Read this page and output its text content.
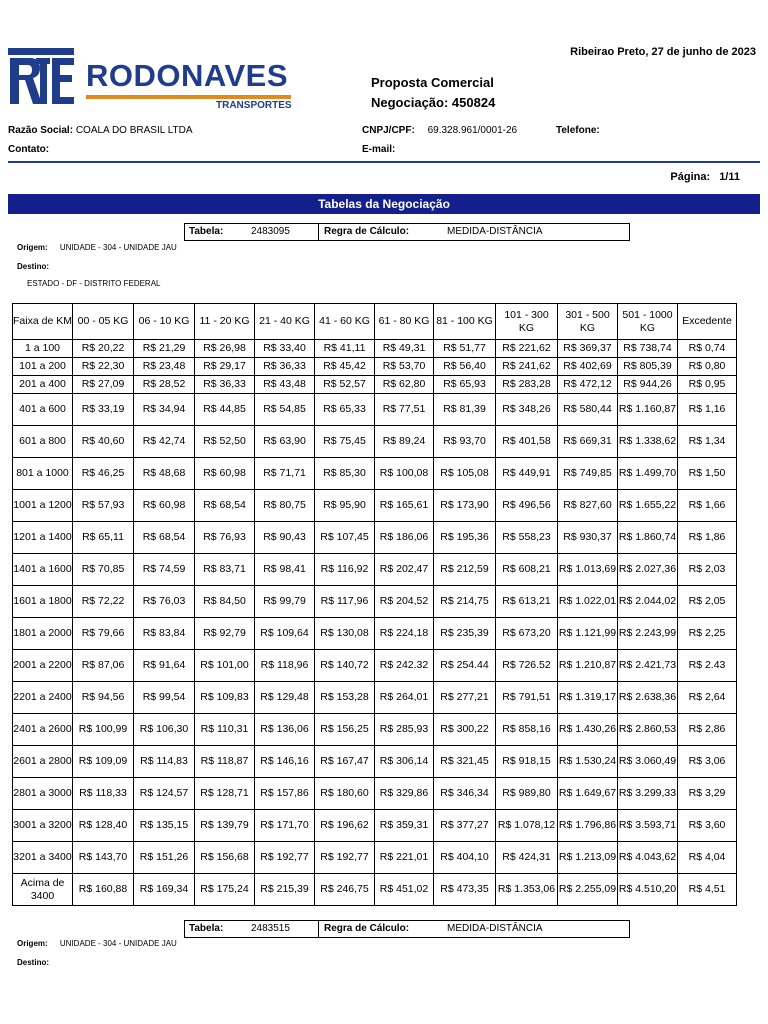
RODONAVES
TRANSPORTES
Ribeirao Preto, 27 de junho de 2023
Proposta Comercial
Negociação: 450824
Razão Social: COALA DO BRASIL LTDA	CNPJ/CPF: 69.328.961/0001-26	Telefone:
Contato:	E-mail:
Página: 1/11
Tabelas da Negociação
Tabela:	2483095	Regra de Cálculo:	MEDIDA-DISTÂNCIA
Origem: UNIDADE - 304 - UNIDADE JAU
Destino:
ESTADO - DF - DISTRITO FEDERAL
Faixa de KM	00 - 05 KG	06 - 10 KG	11 - 20 KG	21 - 40 KG	41 - 60 KG	61 - 80 KG	81 - 100 KG	101 - 300 KG	301 - 500 KG	501 - 1000 KG	Excedente
1 a 100	R$ 20,22	R$ 21,29	R$ 26,98	R$ 33,40	R$ 41,11	R$ 49,31	R$ 51,77	R$ 221,62	R$ 369,37	R$ 738,74	R$ 0,74
101 a 200	R$ 22,30	R$ 23,48	R$ 29,17	R$ 36,33	R$ 45,42	R$ 53,70	R$ 56,40	R$ 241,62	R$ 402,69	R$ 805,39	R$ 0,80
201 a 400	R$ 27,09	R$ 28,52	R$ 36,33	R$ 43,48	R$ 52,57	R$ 62,80	R$ 65,93	R$ 283,28	R$ 472,12	R$ 944,26	R$ 0,95
401 a 600	R$ 33,19	R$ 34,94	R$ 44,85	R$ 54,85	R$ 65,33	R$ 77,51	R$ 81,39	R$ 348,26	R$ 580,44	R$ 1.160,87	R$ 1,16
601 a 800	R$ 40,60	R$ 42,74	R$ 52,50	R$ 63,90	R$ 75,45	R$ 89,24	R$ 93,70	R$ 401,58	R$ 669,31	R$ 1.338,62	R$ 1,34
801 a 1000	R$ 46,25	R$ 48,68	R$ 60,98	R$ 71,71	R$ 85,30	R$ 100,08	R$ 105,08	R$ 449,91	R$ 749,85	R$ 1.499,70	R$ 1,50
1001 a 1200	R$ 57,93	R$ 60,98	R$ 68,54	R$ 80,75	R$ 95,90	R$ 165,61	R$ 173,90	R$ 496,56	R$ 827,60	R$ 1.655,22	R$ 1,66
1201 a 1400	R$ 65,11	R$ 68,54	R$ 76,93	R$ 90,43	R$ 107,45	R$ 186,06	R$ 195,36	R$ 558,23	R$ 930,37	R$ 1.860,74	R$ 1,86
1401 a 1600	R$ 70,85	R$ 74,59	R$ 83,71	R$ 98,41	R$ 116,92	R$ 202,47	R$ 212,59	R$ 608,21	R$ 1.013,69	R$ 2.027,36	R$ 2,03
1601 a 1800	R$ 72,22	R$ 76,03	R$ 84,50	R$ 99,79	R$ 117,96	R$ 204,52	R$ 214,75	R$ 613,21	R$ 1.022,01	R$ 2.044,02	R$ 2,05
1801 a 2000	R$ 79,66	R$ 83,84	R$ 92,79	R$ 109,64	R$ 130,08	R$ 224,18	R$ 235,39	R$ 673,20	R$ 1.121,99	R$ 2.243,99	R$ 2,25
2001 a 2200	R$ 87,06	R$ 91,64	R$ 101,00	R$ 118,96	R$ 140,72	R$ 242.32	R$ 254.44	R$ 726.52	R$ 1.210,87	R$ 2.421,73	R$ 2.43
2201 a 2400	R$ 94,56	R$ 99,54	R$ 109,83	R$ 129,48	R$ 153,28	R$ 264,01	R$ 277,21	R$ 791,51	R$ 1.319,17	R$ 2.638,36	R$ 2,64
2401 a 2600	R$ 100,99	R$ 106,30	R$ 110,31	R$ 136,06	R$ 156,25	R$ 285,93	R$ 300,22	R$ 858,16	R$ 1.430,26	R$ 2.860,53	R$ 2,86
2601 a 2800	R$ 109,09	R$ 114,83	R$ 118,87	R$ 146,16	R$ 167,47	R$ 306,14	R$ 321,45	R$ 918,15	R$ 1.530,24	R$ 3.060,49	R$ 3,06
2801 a 3000	R$ 118,33	R$ 124,57	R$ 128,71	R$ 157,86	R$ 180,60	R$ 329,86	R$ 346,34	R$ 989,80	R$ 1.649,67	R$ 3.299,33	R$ 3,29
3001 a 3200	R$ 128,40	R$ 135,15	R$ 139,79	R$ 171,70	R$ 196,62	R$ 359,31	R$ 377,27	R$ 1.078,12	R$ 1.796,86	R$ 3.593,71	R$ 3,60
3201 a 3400	R$ 143,70	R$ 151,26	R$ 156,68	R$ 192,77	R$ 192,77	R$ 221,01	R$ 404,10	R$ 424,31	R$ 1.213,09	R$ 4.043,62	R$ 4,04
Acima de 3400	R$ 160,88	R$ 169,34	R$ 175,24	R$ 215,39	R$ 246,75	R$ 451,02	R$ 473,35	R$ 1.353,06	R$ 2.255,09	R$ 4.510,20	R$ 4,51
Tabela:	2483515	Regra de Cálculo:	MEDIDA-DISTÂNCIA
Origem: UNIDADE - 304 - UNIDADE JAU
Destino:
